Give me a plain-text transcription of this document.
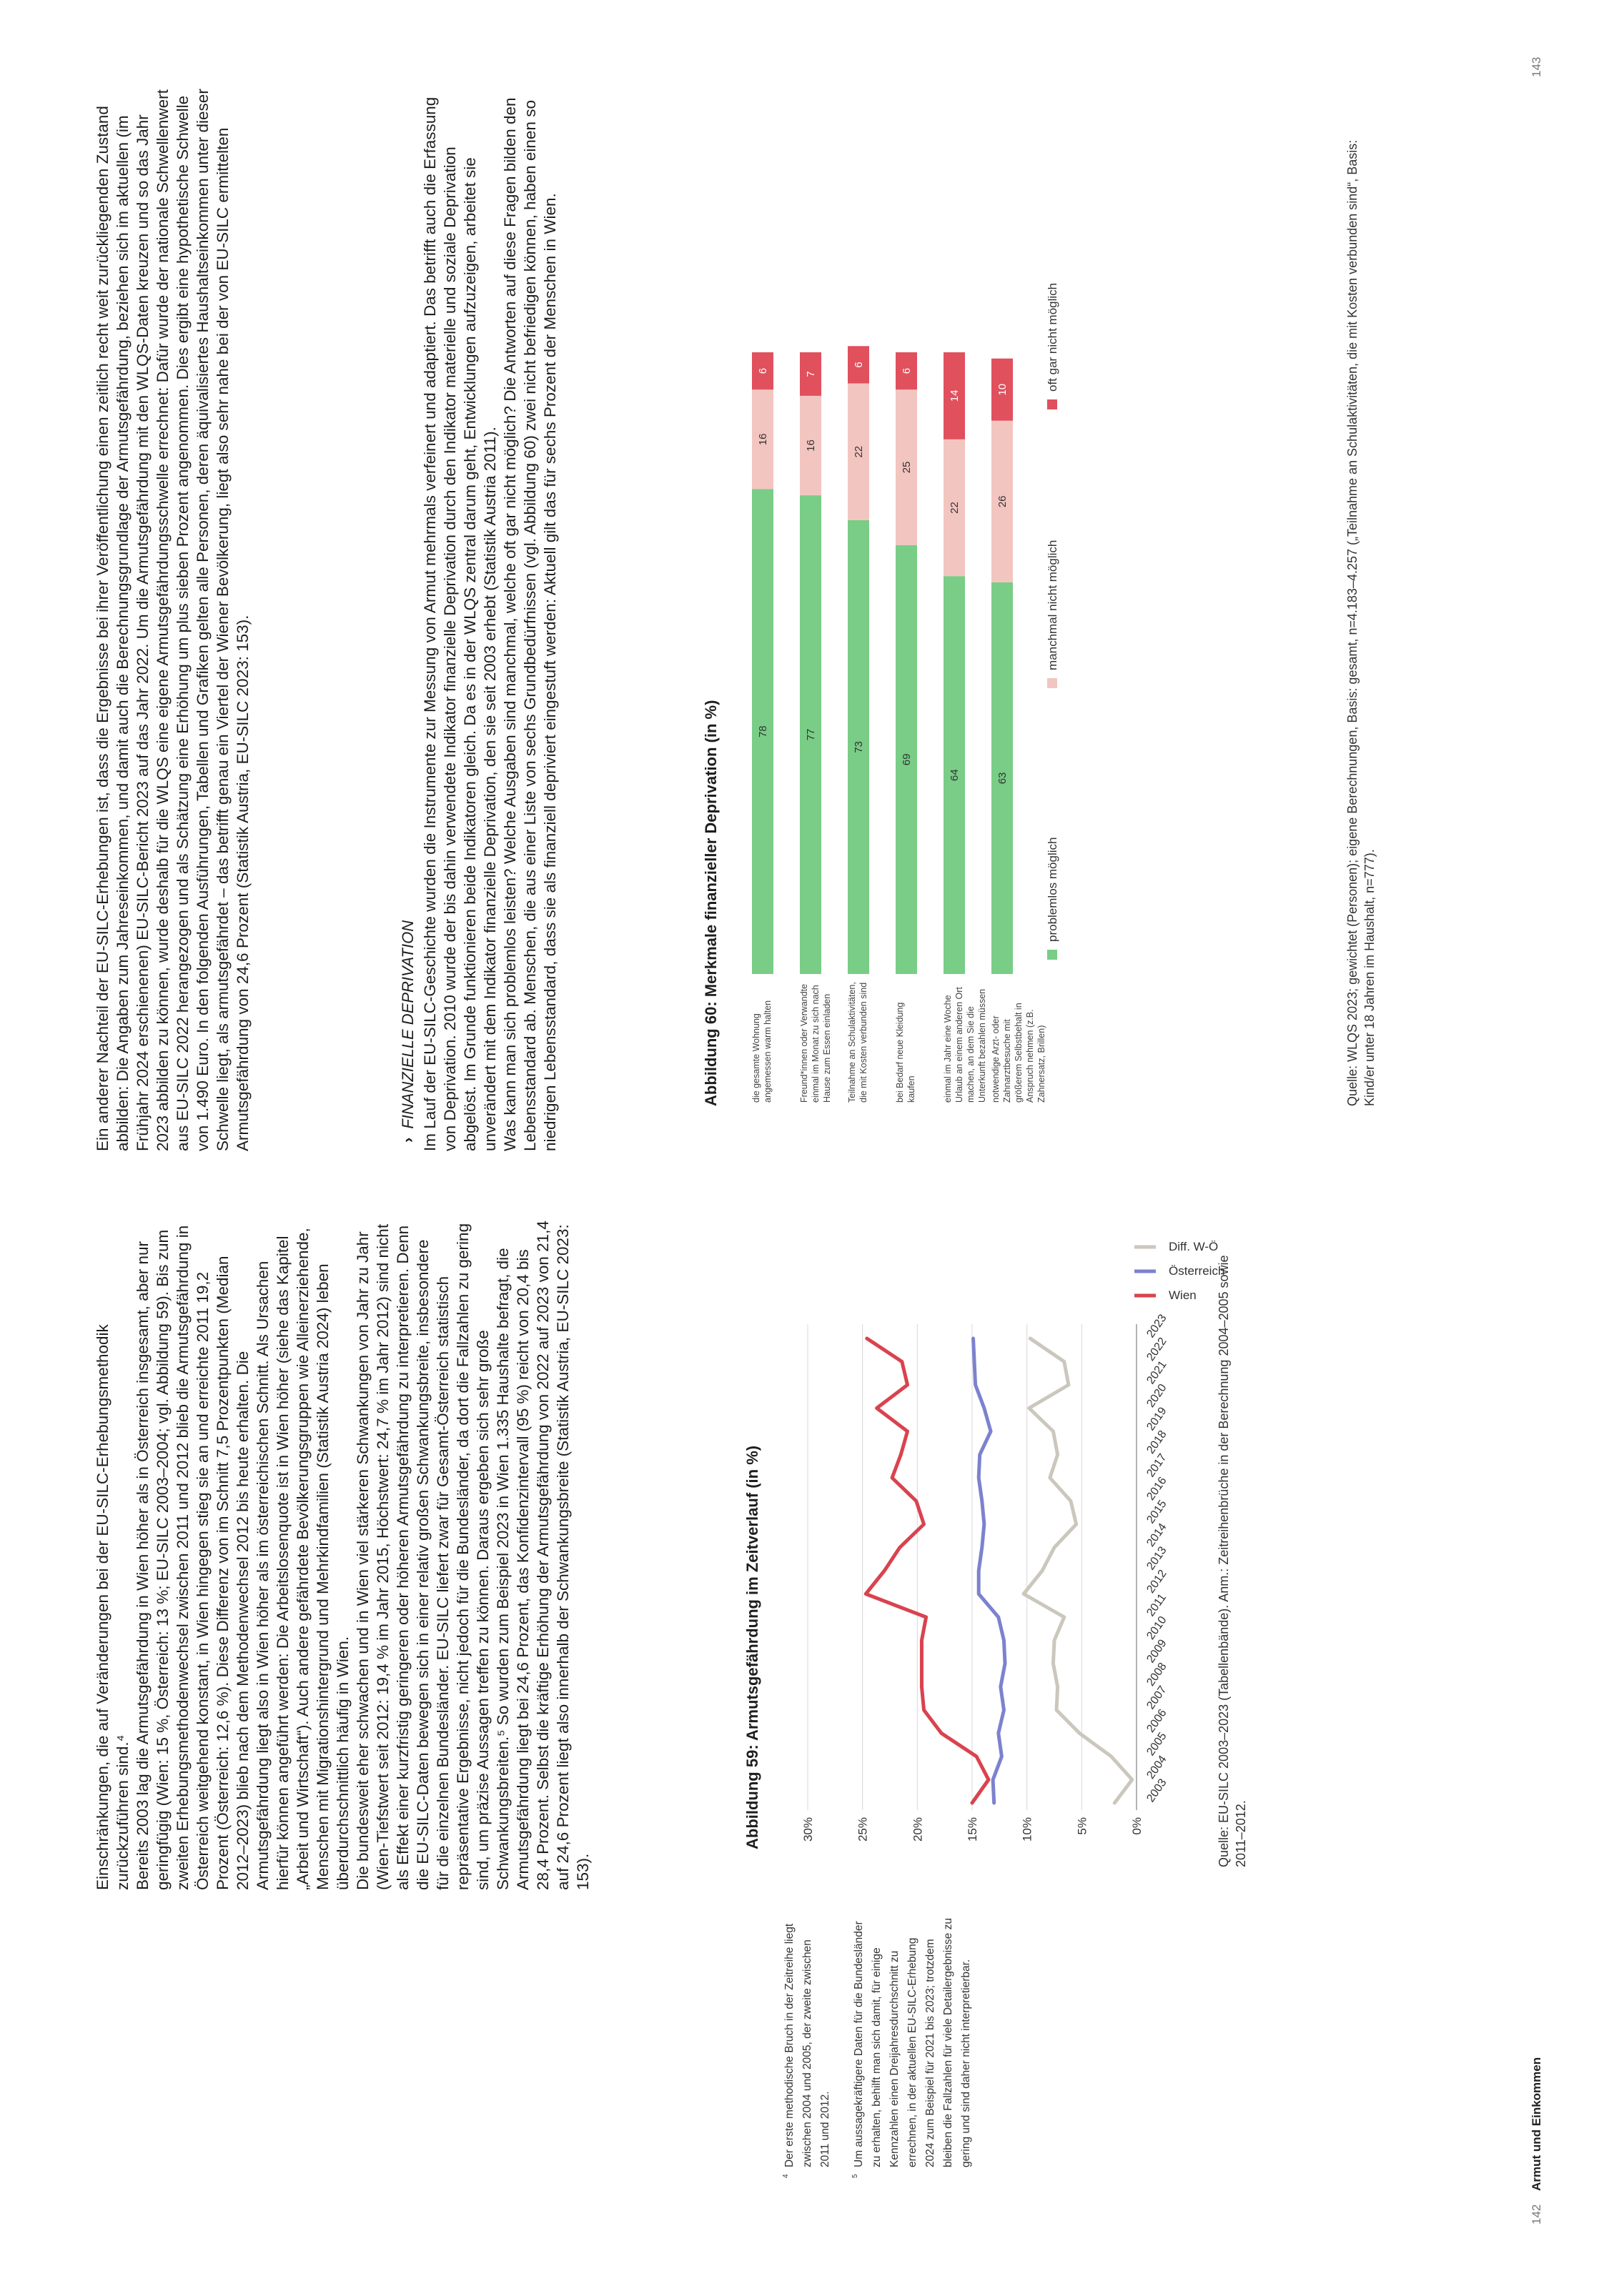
142 Armut und Einkommen
143
4
Der erste methodische Bruch in der Zeitreihe liegt zwischen 2004 und 2005, der zweite zwischen 2011 und 2012.
5
Um aussagekräftigere Daten für die Bundesländer zu erhalten, behilft man sich damit, für einige Kennzahlen einen Dreijahresdurchschnitt zu errechnen, in der aktuellen EU-SILC-Erhebung 2024 zum Beispiel für 2021 bis 2023; trotzdem bleiben die Fallzahlen für viele Detailergebnisse zu gering und sind daher nicht interpretierbar.

Einschränkungen, die auf Veränderungen bei der EU-SILC-Erhebungsmethodik zurückzuführen sind.⁴ Bereits 2003 lag die Armutsgefährdung in Wien höher als in Österreich insgesamt, aber nur geringfügig (Wien: 15 %, Österreich: 13 %; EU-SILC 2003–2004; vgl. Abbildung 59). Bis zum zweiten Erhebungsmethodenwechsel zwischen 2011 und 2012 blieb die Armutsgefährdung in Österreich weitgehend konstant, in Wien hingegen stieg sie an und erreichte 2011 19,2 Prozent (Österreich: 12,6 %). Diese Differenz von im Schnitt 7,5 Prozentpunkten (Median 2012–2023) blieb nach dem Methodenwechsel 2012 bis heute erhalten. Die Armutsgefährdung liegt also in Wien höher als im österreichischen Schnitt. Als Ursachen hierfür können angeführt werden: Die Arbeitslosenquote ist in Wien höher (siehe das Kapitel „Arbeit und Wirtschaft“). Auch andere gefährdete Bevölkerungsgruppen wie Alleinerziehende, Menschen mit Migrationshintergrund und Mehrkindfamilien (Statistik Austria 2024) leben überdurchschnittlich häufig in Wien. Die bundesweit eher schwachen und in Wien viel stärkeren Schwankungen von Jahr zu Jahr (Wien-Tiefstwert seit 2012: 19,4 % im Jahr 2015, Höchstwert: 24,7 % im Jahr 2012) sind nicht als Effekt einer kurzfristig geringeren oder höheren Armutsgefährdung zu interpretieren. Denn die EU-SILC-Daten bewegen sich in einer relativ großen Schwankungsbreite, insbesondere für die einzelnen Bundesländer. EU-SILC liefert zwar für Gesamt-Österreich statistisch repräsentative Ergebnisse, nicht jedoch für die Bundesländer, da dort die Fallzahlen zu gering sind, um präzise Aussagen treffen zu können. Daraus ergeben sich sehr große Schwankungsbreiten.⁵ So wurden zum Beispiel 2023 in Wien 1.335 Haushalte befragt, die Armutsgefährdung liegt bei 24,6 Prozent, das Konfidenzintervall (95 %) reicht von 20,4 bis 28,4 Prozent. Selbst die kräftige Erhöhung der Armutsgefährdung von 2022 auf 2023 von 21,4 auf 24,6 Prozent liegt also innerhalb der Schwankungsbreite (Statistik Austria, EU-SILC 2023: 153).

Abbildung 59: Armutsgefährdung im Zeitverlauf (in %)	2003
2004
2005
2006
2007
2008
2009
2010
2011
2012
2013
2014
2015
2016
2017
2018
2019
2020
2021
2022
2023
0%
5%
10%
15%
20%
25%
30%
Wien
Österreich
Diff. W-Ö
Quelle: EU-SILC 2003–2023 (Tabellenbände). Anm.: Zeitreihenbrüche in der Berechnung 2004–2005 sowie 2011–2012.

Ein anderer Nachteil der EU-SILC-Erhebungen ist, dass die Ergebnisse bei ihrer Veröffentlichung einen zeitlich recht weit zurückliegenden Zustand abbilden: Die Angaben zum Jahreseinkommen, und damit auch die Berechnungsgrundlage der Armutsgefährdung, beziehen sich im aktuellen (im Frühjahr 2024 erschienenen) EU-SILC-Bericht 2023 auf das Jahr 2022. Um die Armutsgefährdung mit den WLQS-Daten kreuzen und so das Jahr 2023 abbilden zu können, wurde deshalb für die WLQS eine eigene Armutsgefährdungsschwelle errechnet: Dafür wurde der nationale Schwellenwert aus EU-SILC 2022 herangezogen und als Schätzung eine Erhöhung um plus sieben Prozent angenommen. Dies ergibt eine hypothetische Schwelle von 1.490 Euro. In den folgenden Ausführungen, Tabellen und Grafiken gelten alle Personen, deren äquivalisiertes Haushaltseinkommen unter dieser Schwelle liegt, als armutsgefährdet – das betrifft genau ein Viertel der Wiener Bevölkerung, liegt also sehr nahe bei der von EU-SILC ermittelten Armutsgefährdung von 24,6 Prozent (Statistik Austria, EU-SILC 2023: 153).	›FINANZIELLE DEPRIVATION Im Lauf der EU-SILC-Geschichte wurden die Instrumente zur Messung von Armut mehrmals verfeinert und adaptiert. Das betrifft auch die Erfassung von Deprivation. 2010 wurde der bis dahin verwendete Indikator finanzielle Deprivation durch den Indikator materielle und soziale Deprivation abgelöst. Im Grunde funktionieren beide Indikatoren gleich. Da es in der WLQS zentral darum geht, Entwicklungen aufzuzeigen, arbeitet sie unverändert mit dem Indikator finanzielle Deprivation, den sie seit 2003 erhebt (Statistik Austria 2011). Was kann man sich problemlos leisten? Welche Ausgaben sind manchmal, welche oft gar nicht möglich? Die Antworten auf diese Fragen bilden den Lebensstandard ab. Menschen, die aus einer Liste von sechs Grundbedürfnissen (vgl. Abbildung 60) zwei nicht befriedigen können, haben einen so niedrigen Lebensstandard, dass sie als finanziell depriviert eingestuft werden: Aktuell gilt das für sechs Prozent der Menschen in Wien.	Abbildung 60: Merkmale finanzieller Deprivation (in %)	die gesamte Wohnung angemessen warm halten	Freund*innen oder Verwandte einmal im Monat zu sich nach Hause zum Essen einladen Teilnahme an Schulaktivitäten, die mit Kosten verbunden sind	bei Bedarf neue Kleidung kaufen	einmal im Jahr eine Woche Urlaub an einem anderen Ort machen, an dem Sie die Unterkunft bezahlen müssen notwendige Arzt- oder Zahnarztbesuche mit größerem Selbstbehalt in Anspruch nehmen (z.B. Zahnersatz, Brillen)
78
16
6
77
16
7
73
22
6
69
25
6
64
22
14
63
26
10
problemlos möglich
manchmal nicht möglich
oft gar nicht möglich	Quelle: WLQS 2023; gewichtet (Personen); eigene Berechnungen, Basis: gesamt, n=4.183–4.257 („Teilnahme an Schulaktivitäten, die mit Kosten verbunden sind“, Basis: Kind/er unter 18 Jahren im Haushalt, n=777).
